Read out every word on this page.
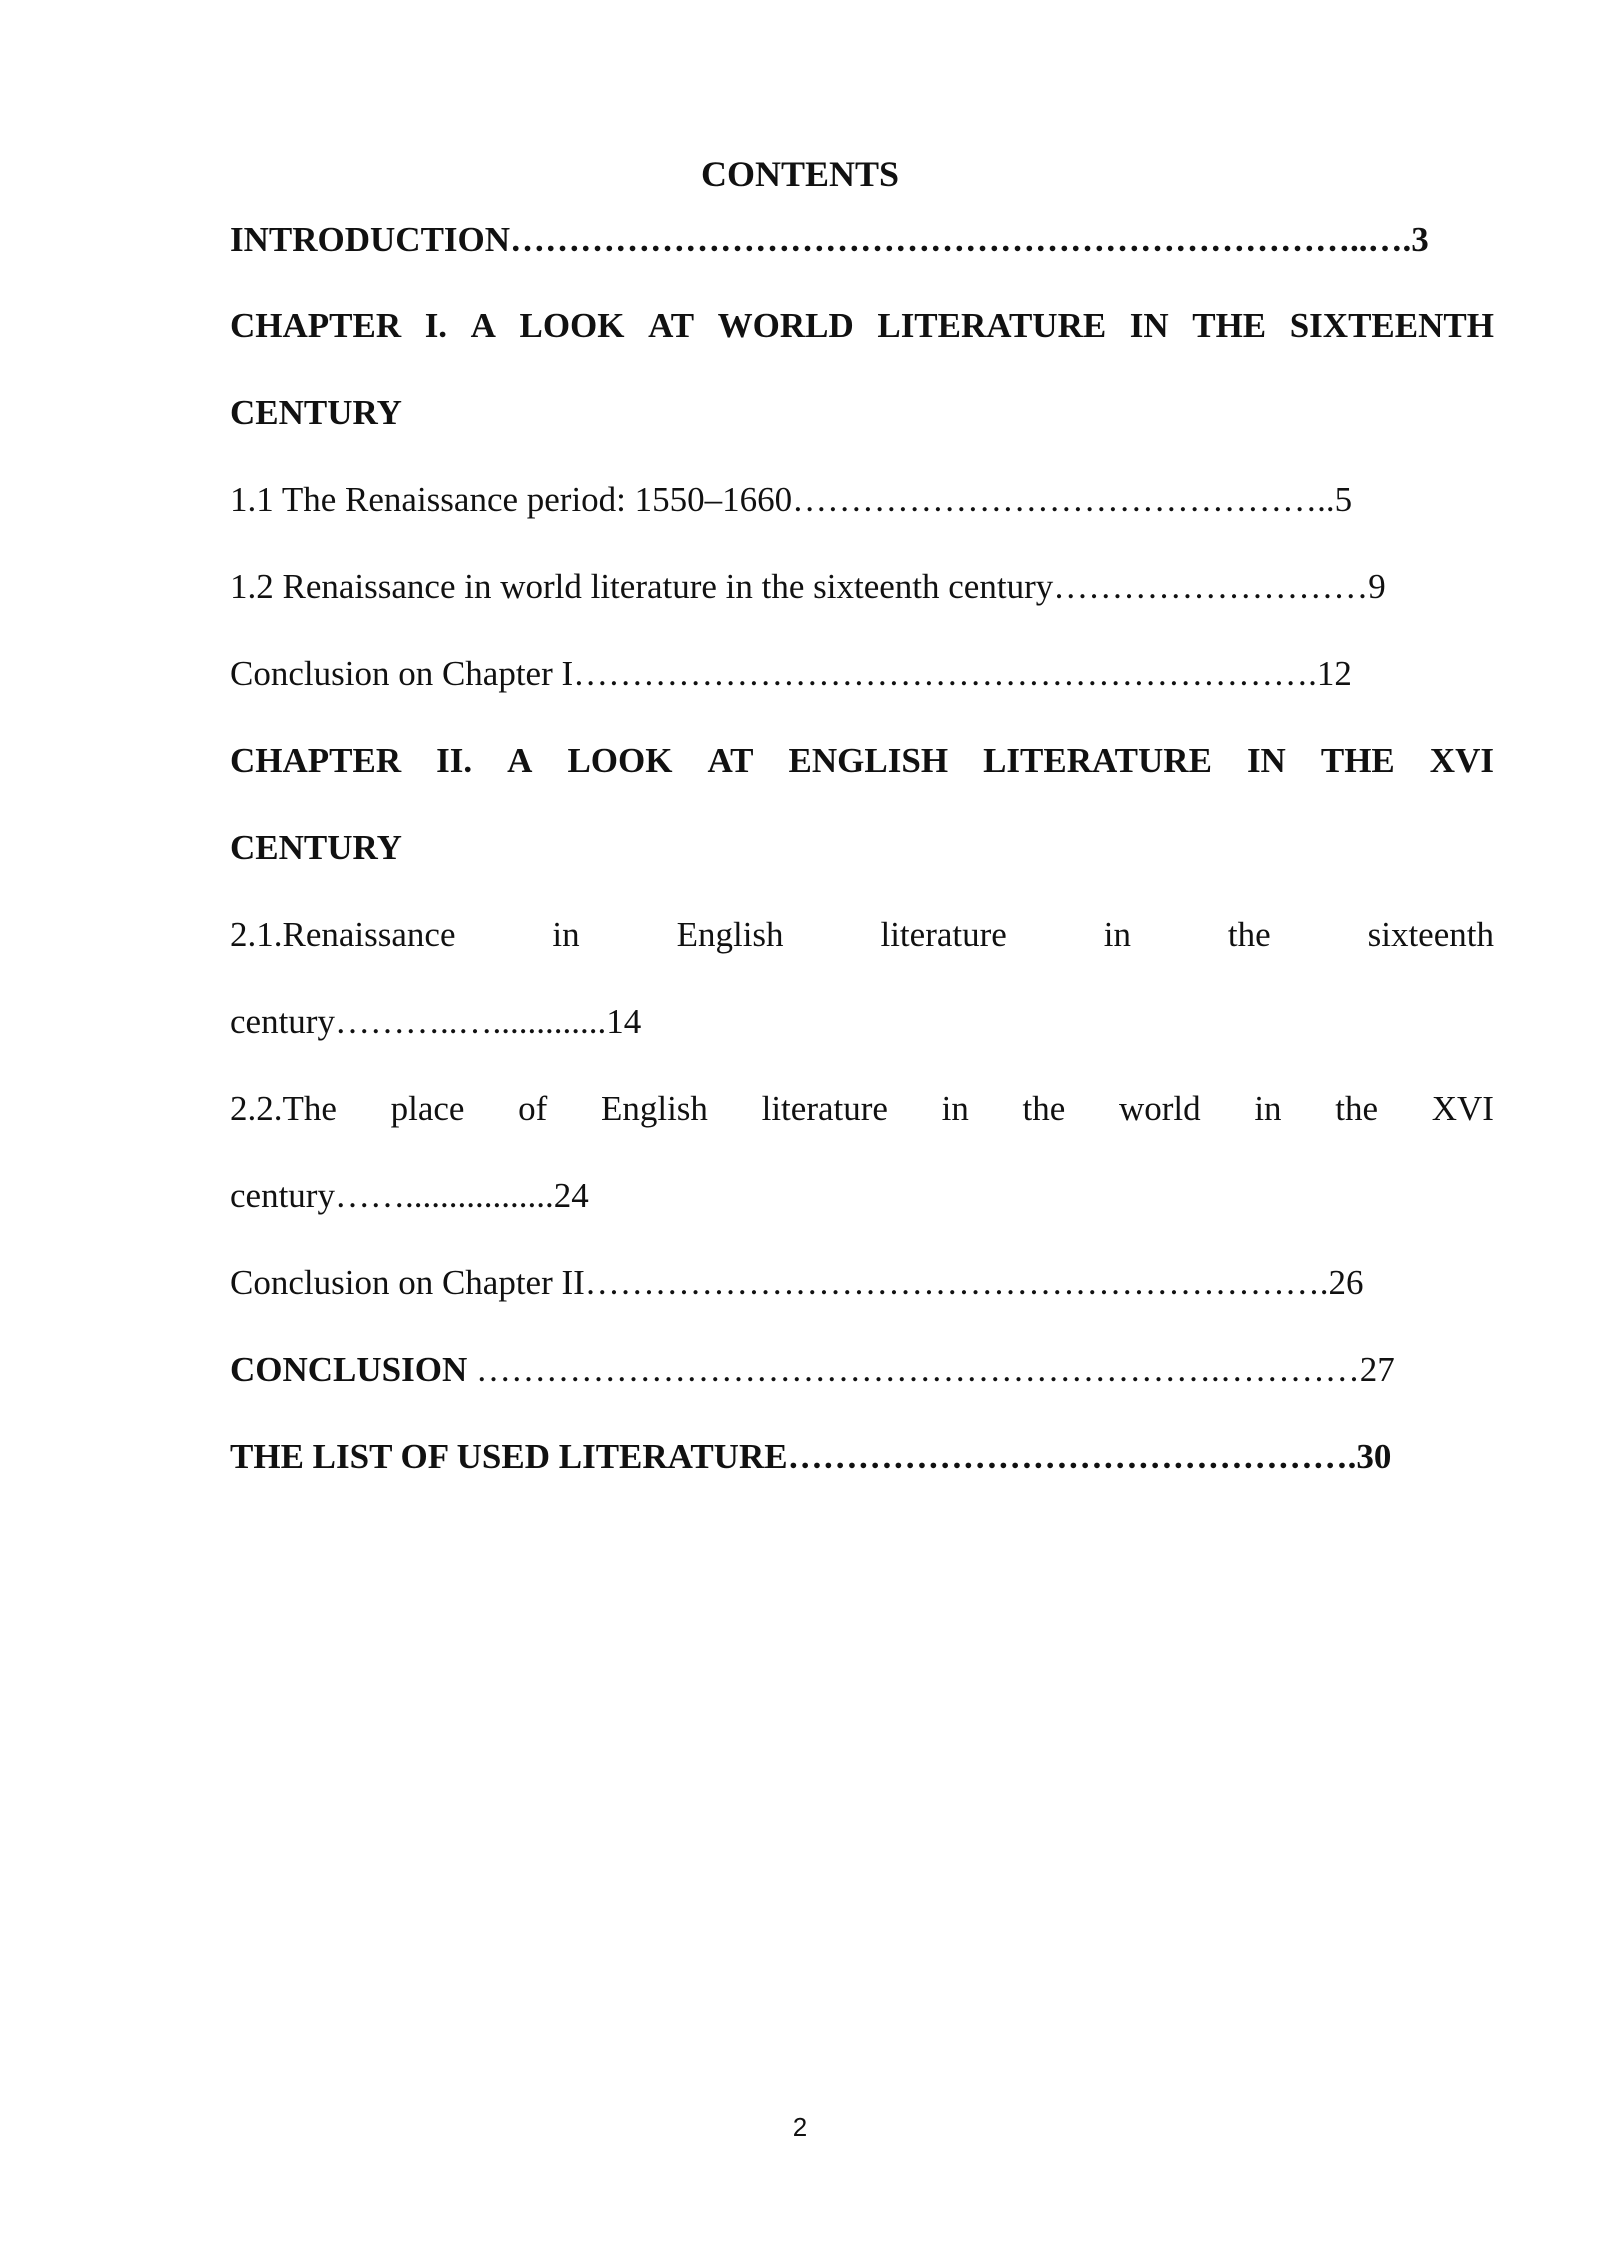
CONTENTS
INTRODUCTION………………………………………………………………..….3
CHAPTER I. A LOOK AT WORLD LITERATURE IN THE SIXTEENTH
CENTURY
1.1 The Renaissance period: 1550–1660………………………………………..5
1.2 Renaissance in world literature in the sixteenth century………………………9
Conclusion on Chapter I……………………………………………………….12
CHAPTER II. A LOOK AT ENGLISH LITERATURE IN THE XVI
CENTURY
2.1.Renaissance	in	English	literature	in	the	sixteenth
century………..….............14
2.2.The place of English literature in the world in the XVI
century…….................24
Conclusion on Chapter II……………………………………………………….26
CONCLUSION ……………………………………………………….…………27
THE LIST OF USED LITERATURE………………………………………….30
2
